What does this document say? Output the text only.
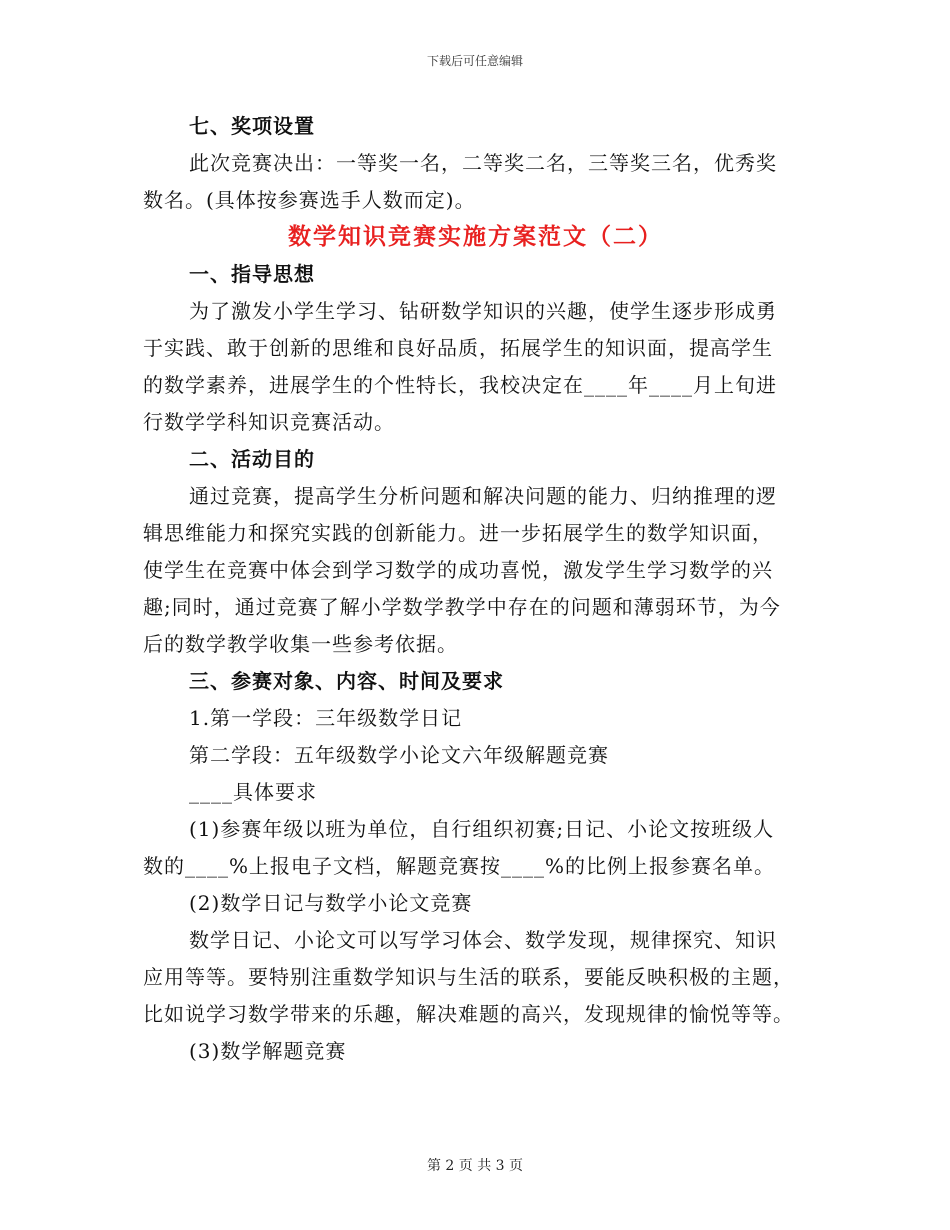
下载后可任意编辑
七、奖项设置
此次竞赛决出：一等奖一名，二等奖二名，三等奖三名，优秀奖
数名。(具体按参赛选手人数而定)。
数学知识竞赛实施方案范文（二）
一、指导思想
为了激发小学生学习、钻研数学知识的兴趣，使学生逐步形成勇
于实践、敢于创新的思维和良好品质，拓展学生的知识面，提高学生
的数学素养，进展学生的个性特长，我校决定在____年____月上旬进
行数学学科知识竞赛活动。
二、活动目的
通过竞赛，提高学生分析问题和解决问题的能力、归纳推理的逻
辑思维能力和探究实践的创新能力。进一步拓展学生的数学知识面，
使学生在竞赛中体会到学习数学的成功喜悦，激发学生学习数学的兴
趣;同时，通过竞赛了解小学数学教学中存在的问题和薄弱环节，为今
后的数学教学收集一些参考依据。
三、参赛对象、内容、时间及要求
1.第一学段：三年级数学日记
第二学段：五年级数学小论文六年级解题竞赛
____具体要求
(1)参赛年级以班为单位，自行组织初赛;日记、小论文按班级人
数的____%上报电子文档，解题竞赛按____%的比例上报参赛名单。
(2)数学日记与数学小论文竞赛
数学日记、小论文可以写学习体会、数学发现，规律探究、知识
应用等等。要特别注重数学知识与生活的联系，要能反映积极的主题，
比如说学习数学带来的乐趣，解决难题的高兴，发现规律的愉悦等等。
(3)数学解题竞赛
第 2 页 共 3 页
